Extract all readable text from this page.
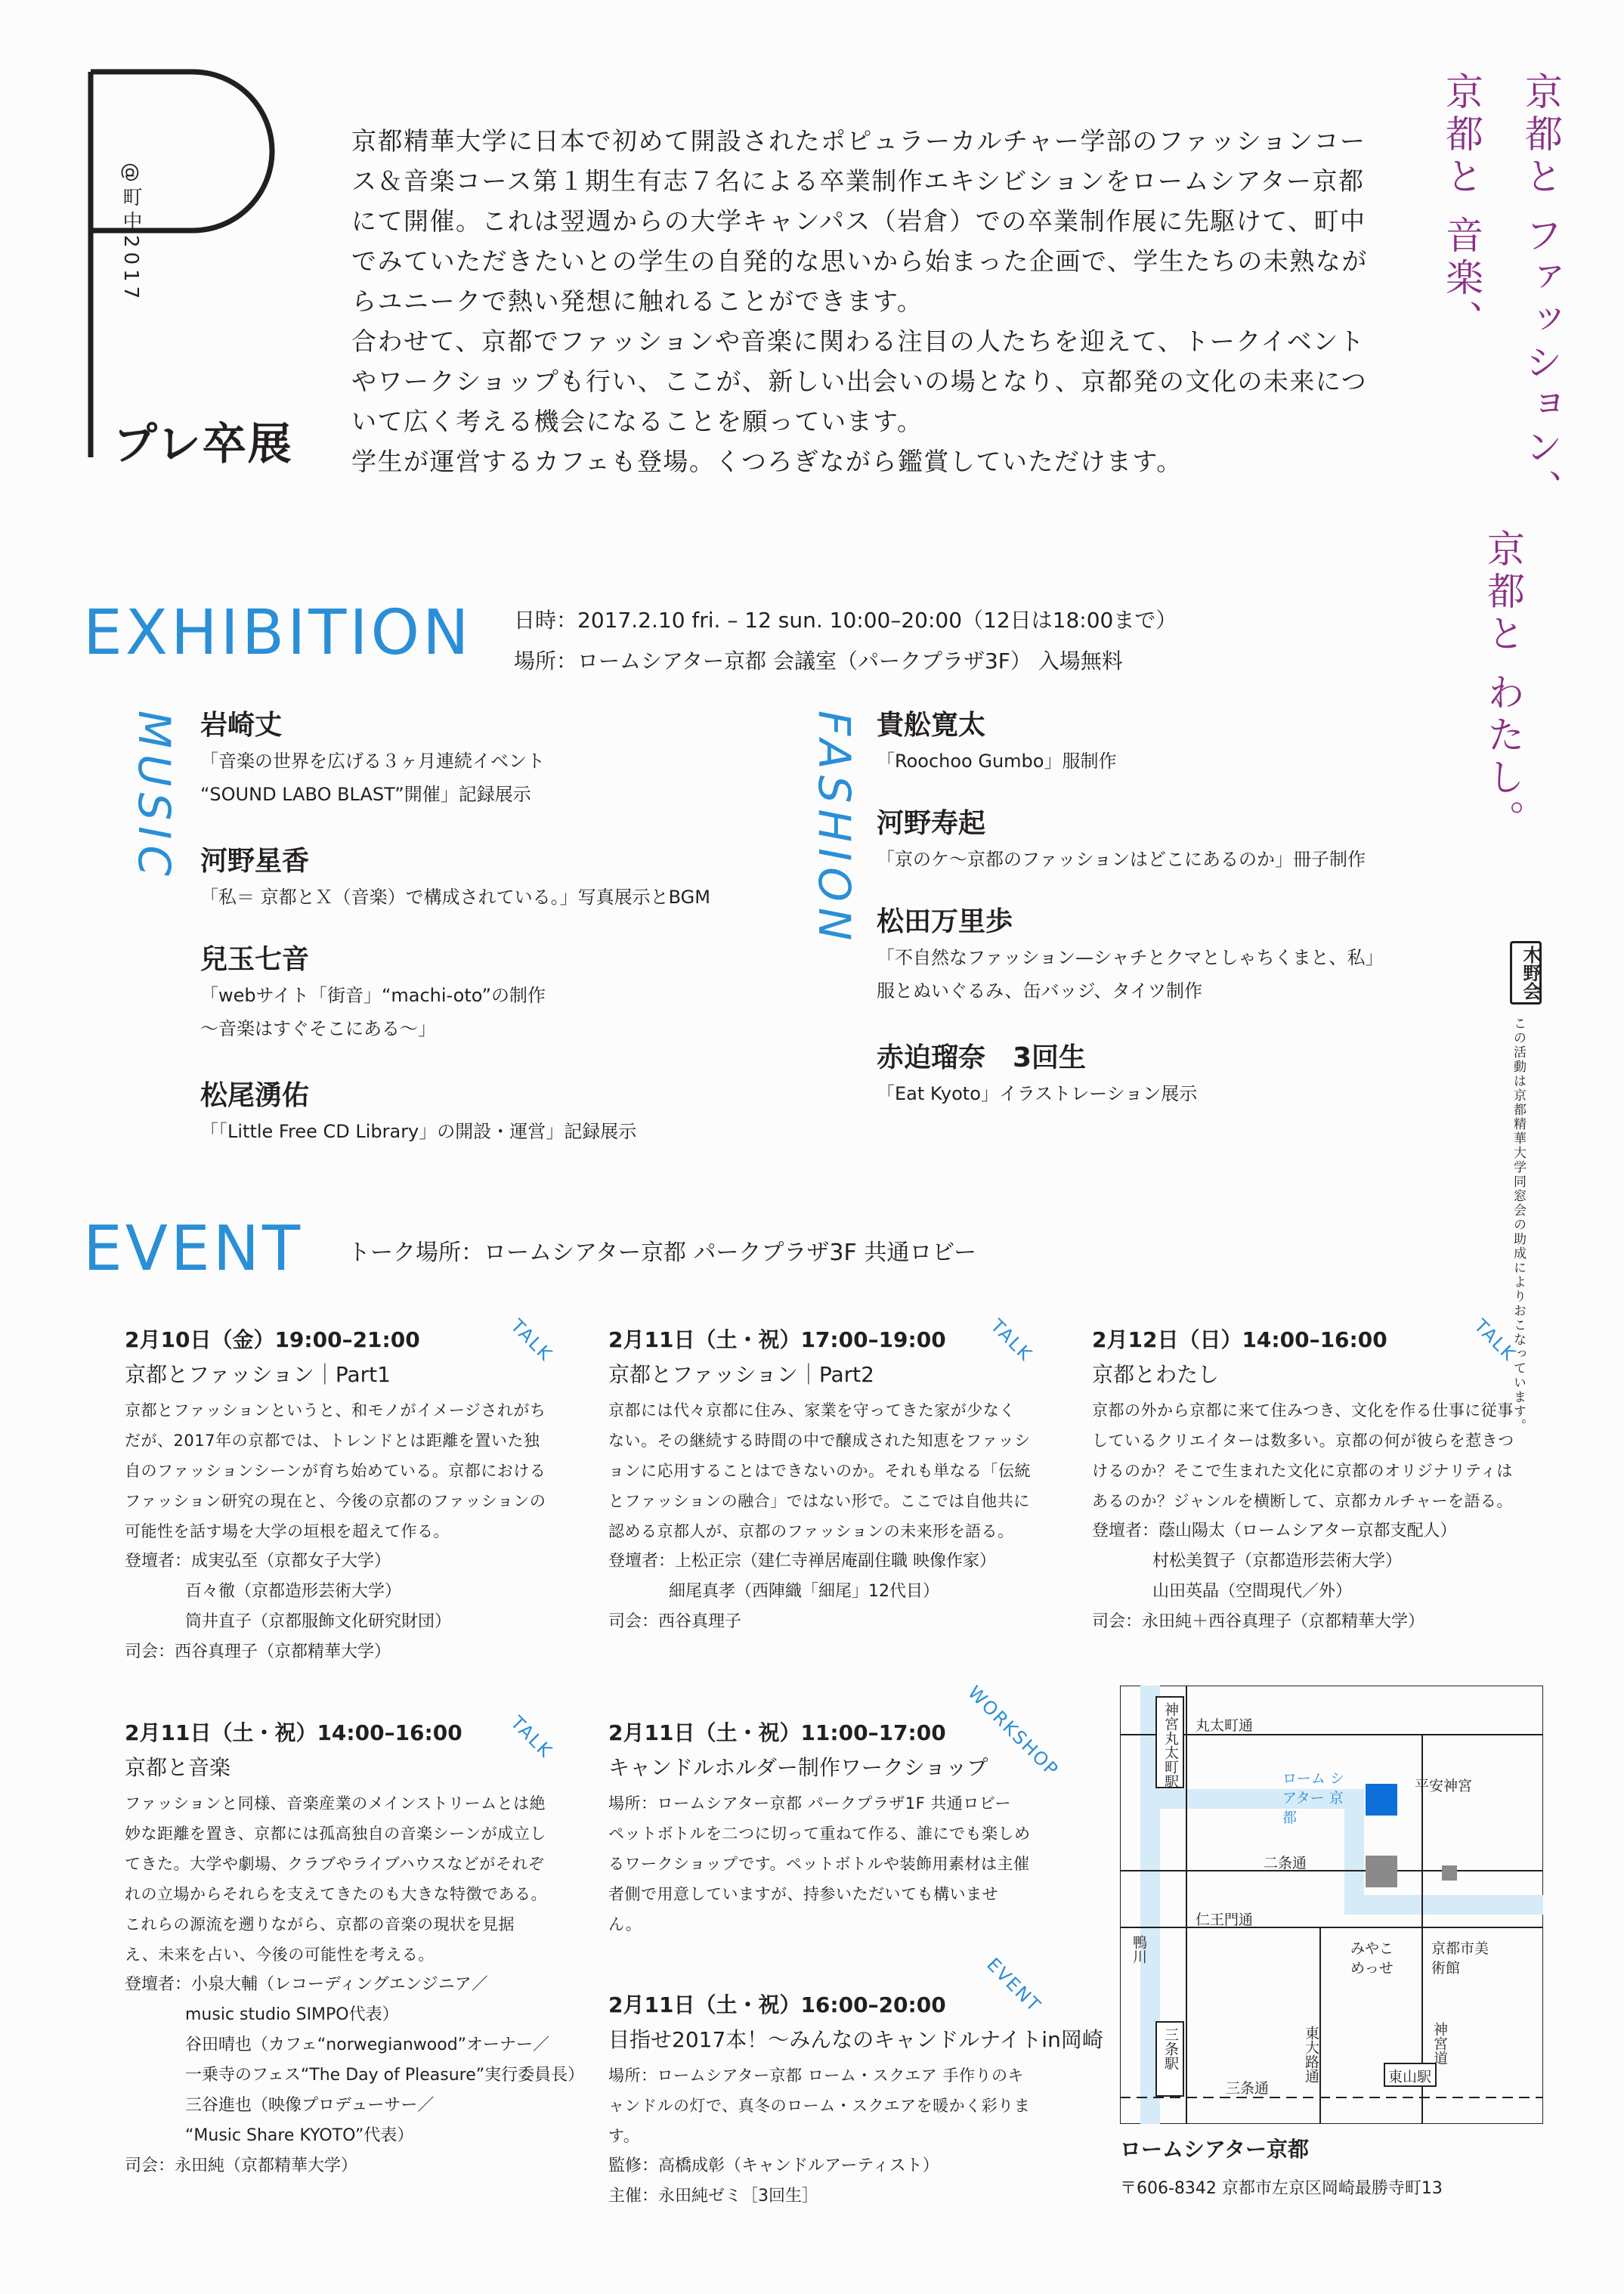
@町中2017
プレ卒展

京都精華大学に日本で初めて開設されたポピュラーカルチャー学部のファッションコース＆音楽コース第１期生有志７名による卒業制作エキシビションをロームシアター京都にて開催。これは翌週からの大学キャンパス（岩倉）での卒業制作展に先駆けて、町中でみていただきたいとの学生の自発的な思いから始まった企画で、学生たちの未熟ながらユニークで熱い発想に触れることができます。

合わせて、京都でファッションや音楽に関わる注目の人たちを迎えて、トークイベントやワークショップも行い、ここが、新しい出会いの場となり、京都発の文化の未来について広く考える機会になることを願っています。

学生が運営するカフェも登場。くつろぎながら鑑賞していただけます。	京都と ファッション、
京都と 音楽、
京都と わたし。
EXHIBITION 日時：2017.2.10 fri. – 12 sun. 10:00–20:00（12日は18:00まで）
場所：ロームシアター京都 会議室（パークプラザ3F） 入場無料
MUSIC	FASHION
岩崎丈
「音楽の世界を広げる３ヶ月連続イベント
“SOUND LABO BLAST”開催」記録展示
河野星香
「私＝ 京都とＸ（音楽）で構成されている。」写真展示とBGM
兒玉七音
「webサイト「街音」“machi-oto”の制作
〜音楽はすぐそこにある〜」
松尾湧佑
「「Little Free CD Library」の開設・運営」記録展示
貴舩寛太
「Roochoo Gumbo」服制作
河野寿起
「京のケ〜京都のファッションはどこにあるのか」冊子制作
松田万里歩
「不自然なファッション—シャチとクマとしゃちくまと、私」
服とぬいぐるみ、缶バッジ、タイツ制作
赤迫瑠奈　3回生
「Eat Kyoto」イラストレーション展示
EVENT トーク場所：ロームシアター京都 パークプラザ3F 共通ロビー
TALK
2月10日（金）19:00–21:00
京都とファッション｜Part1
京都とファッションというと、和モノがイメージされがちだが、2017年の京都では、トレンドとは距離を置いた独自のファッションシーンが育ち始めている。京都におけるファッション研究の現在と、今後の京都のファッションの可能性を話す場を大学の垣根を超えて作る。
登壇者：成実弘至（京都女子大学）
百々徹（京都造形芸術大学）
筒井直子（京都服飾文化研究財団）
司会：西谷真理子（京都精華大学）
TALK
2月11日（土・祝）17:00–19:00
京都とファッション｜Part2
京都には代々京都に住み、家業を守ってきた家が少なくない。その継続する時間の中で醸成された知恵をファッションに応用することはできないのか。それも単なる「伝統とファッションの融合」ではない形で。ここでは自他共に認める京都人が、京都のファッションの未来形を語る。
登壇者：上松正宗（建仁寺禅居庵副住職 映像作家）
細尾真孝（西陣織「細尾」12代目）
司会：西谷真理子
TALK
2月12日（日）14:00–16:00
京都とわたし
京都の外から京都に来て住みつき、文化を作る仕事に従事しているクリエイターは数多い。京都の何が彼らを惹きつけるのか？そこで生まれた文化に京都のオリジナリティはあるのか？ジャンルを横断して、京都カルチャーを語る。
登壇者：蔭山陽太（ロームシアター京都支配人）
村松美賀子（京都造形芸術大学）
山田英晶（空間現代／外）
司会：永田純＋西谷真理子（京都精華大学）
TALK
2月11日（土・祝）14:00–16:00
京都と音楽
ファッションと同様、音楽産業のメインストリームとは絶妙な距離を置き、京都には孤高独自の音楽シーンが成立してきた。大学や劇場、クラブやライブハウスなどがそれぞれの立場からそれらを支えてきたのも大きな特徴である。これらの源流を遡りながら、京都の音楽の現状を見据え、未来を占い、今後の可能性を考える。
登壇者：小泉大輔（レコーディングエンジニア／
music studio SIMPO代表）
谷田晴也（カフェ“norwegianwood”オーナー／
一乗寺のフェス“The Day of Pleasure”実行委員長）
三谷進也（映像プロデューサー／
“Music Share KYOTO”代表）
司会：永田純（京都精華大学）
WORKSHOP
2月11日（土・祝）11:00–17:00
キャンドルホルダー制作ワークショップ
場所：ロームシアター京都 パークプラザ1F 共通ロビー ペットボトルを二つに切って重ねて作る、誰にでも楽しめるワークショップです。ペットボトルや装飾用素材は主催者側で用意していますが、持参いただいても構いません。
EVENT
2月11日（土・祝）16:00–20:00
目指せ2017本！〜みんなのキャンドルナイトin岡崎
場所：ロームシアター京都 ローム・スクエア 手作りのキャンドルの灯で、真冬のローム・スクエアを暖かく彩ります。
監修：高橋成彰（キャンドルアーティスト）
主催：永田純ゼミ［3回生］
神宮丸太町駅
三条駅
東山駅
丸太町通
二条通
仁王門通
三条通
東大路通	神宮道
鴨川
平安神宮
ローム シアター 京都
みやこめっせ
京都市美術館
ロームシアター京都
〒606-8342 京都市左京区岡崎最勝寺町13
木野会
この活動は京都精華大学同窓会の助成によりおこなっています。
